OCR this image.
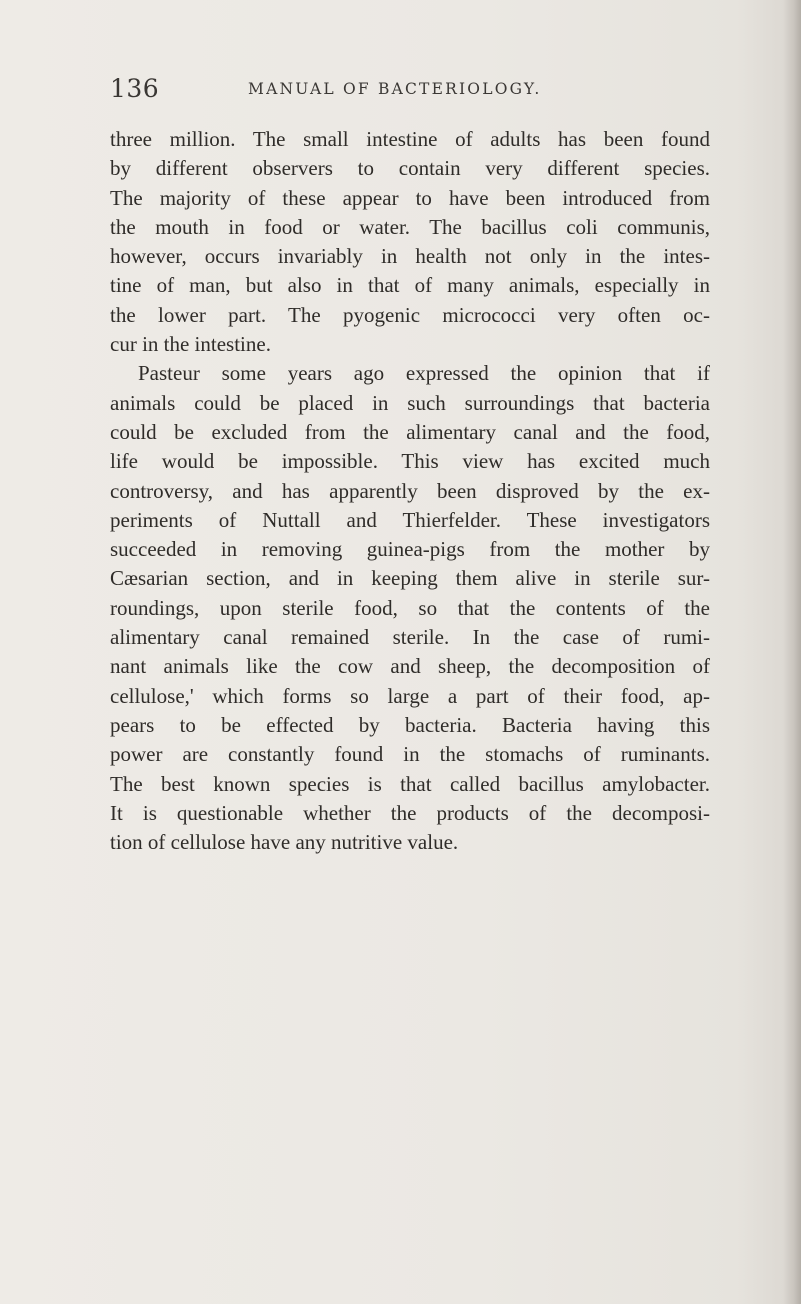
136	MANUAL OF BACTERIOLOGY.
three million. The small intestine of adults has been found
by different observers to contain very different species.
The majority of these appear to have been introduced from
the mouth in food or water. The bacillus coli communis,
however, occurs invariably in health not only in the intes-
tine of man, but also in that of many animals, especially in
the lower part. The pyogenic micrococci very often oc-
cur in the intestine.
Pasteur some years ago expressed the opinion that if
animals could be placed in such surroundings that bacteria
could be excluded from the alimentary canal and the food,
life would be impossible. This view has excited much
controversy, and has apparently been disproved by the ex-
periments of Nuttall and Thierfelder. These investigators
succeeded in removing guinea-pigs from the mother by
Cæsarian section, and in keeping them alive in sterile sur-
roundings, upon sterile food, so that the contents of the
alimentary canal remained sterile. In the case of rumi-
nant animals like the cow and sheep, the decomposition of
cellulose,' which forms so large a part of their food, ap-
pears to be effected by bacteria. Bacteria having this
power are constantly found in the stomachs of ruminants.
The best known species is that called bacillus amylobacter.
It is questionable whether the products of the decomposi-
tion of cellulose have any nutritive value.
